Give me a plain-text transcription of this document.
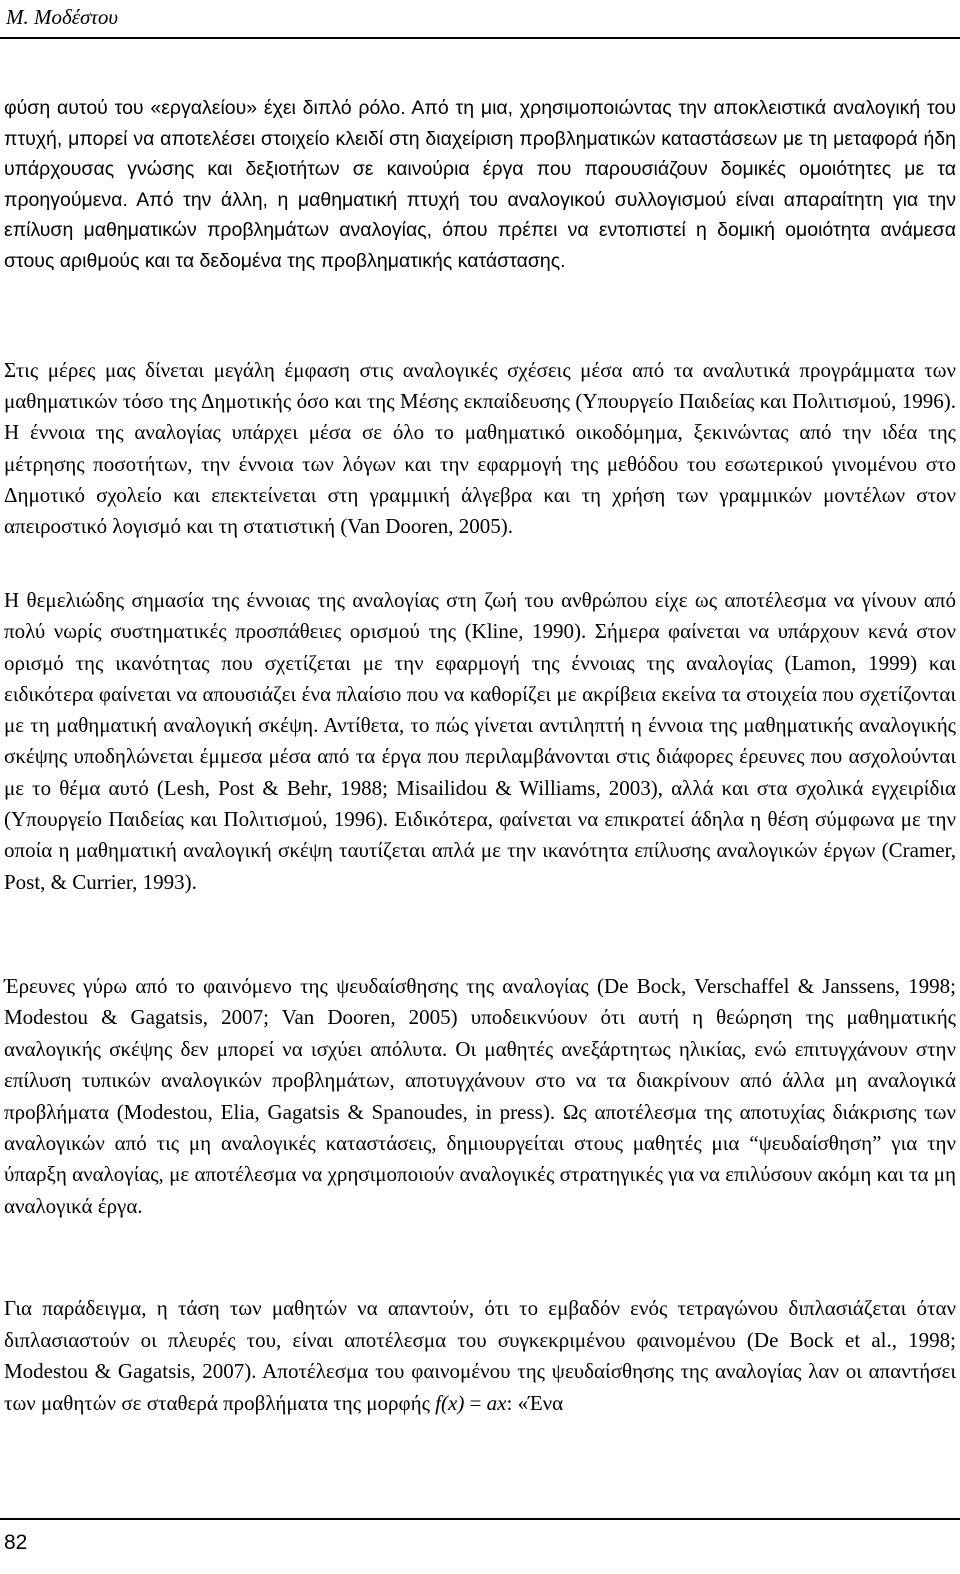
Μ. Μοδέστου

φύση αυτού του «εργαλείου» έχει διπλό ρόλο. Από τη μια, χρησιμοποιώντας την αποκλειστικά αναλογική του πτυχή, μπορεί να αποτελέσει στοιχείο κλειδί στη διαχείριση προβληματικών καταστάσεων με τη μεταφορά ήδη υπάρχουσας γνώσης και δεξιοτήτων σε καινούρια έργα που παρουσιάζουν δομικές ομοιότητες με τα προηγούμενα. Από την άλλη, η μαθηματική πτυχή του αναλογικού συλλογισμού είναι απαραίτητη για την επίλυση μαθηματικών προβλημάτων αναλογίας, όπου πρέπει να εντοπιστεί η δομική ομοιότητα ανάμεσα στους αριθμούς και τα δεδομένα της προβληματικής κατάστασης.

Στις μέρες μας δίνεται μεγάλη έμφαση στις αναλογικές σχέσεις μέσα από τα αναλυτικά προγράμματα των μαθηματικών τόσο της Δημοτικής όσο και της Μέσης εκπαίδευσης (Υπουργείο Παιδείας και Πολιτισμού, 1996). Η έννοια της αναλογίας υπάρχει μέσα σε όλο το μαθηματικό οικοδόμημα, ξεκινώντας από την ιδέα της μέτρησης ποσοτήτων, την έννοια των λόγων και την εφαρμογή της μεθόδου του εσωτερικού γινομένου στο Δημοτικό σχολείο και επεκτείνεται στη γραμμική άλγεβρα και τη χρήση των γραμμικών μοντέλων στον απειροστικό λογισμό και τη στατιστική (Van Dooren, 2005).

Η θεμελιώδης σημασία της έννοιας της αναλογίας στη ζωή του ανθρώπου είχε ως αποτέλεσμα να γίνουν από πολύ νωρίς συστηματικές προσπάθειες ορισμού της (Kline, 1990). Σήμερα φαίνεται να υπάρχουν κενά στον ορισμό της ικανότητας που σχετίζεται με την εφαρμογή της έννοιας της αναλογίας (Lamon, 1999) και ειδικότερα φαίνεται να απουσιάζει ένα πλαίσιο που να καθορίζει με ακρίβεια εκείνα τα στοιχεία που σχετίζονται με τη μαθηματική αναλογική σκέψη. Αντίθετα, το πώς γίνεται αντιληπτή η έννοια της μαθηματικής αναλογικής σκέψης υποδηλώνεται έμμεσα μέσα από τα έργα που περιλαμβάνονται στις διάφορες έρευνες που ασχολούνται με το θέμα αυτό (Lesh, Post & Behr, 1988; Misailidou & Williams, 2003), αλλά και στα σχολικά εγχειρίδια (Υπουργείο Παιδείας και Πολιτισμού, 1996). Ειδικότερα, φαίνεται να επικρατεί άδηλα η θέση σύμφωνα με την οποία η μαθηματική αναλογική σκέψη ταυτίζεται απλά με την ικανότητα επίλυσης αναλογικών έργων (Cramer, Post, & Currier, 1993).

Έρευνες γύρω από το φαινόμενο της ψευδαίσθησης της αναλογίας (De Bock, Verschaffel & Janssens, 1998; Modestou & Gagatsis, 2007; Van Dooren, 2005) υποδεικνύουν ότι αυτή η θεώρηση της μαθηματικής αναλογικής σκέψης δεν μπορεί να ισχύει απόλυτα. Οι μαθητές ανεξάρτητως ηλικίας, ενώ επιτυγχάνουν στην επίλυση τυπικών αναλογικών προβλημάτων, αποτυγχάνουν στο να τα διακρίνουν από άλλα μη αναλογικά προβλήματα (Modestou, Elia, Gagatsis & Spanoudes, in press). Ως αποτέλεσμα της αποτυχίας διάκρισης των αναλογικών από τις μη αναλογικές καταστάσεις, δημιουργείται στους μαθητές μια “ψευδαίσθηση” για την ύπαρξη αναλογίας, με αποτέλεσμα να χρησιμοποιούν αναλογικές στρατηγικές για να επιλύσουν ακόμη και τα μη αναλογικά έργα.

Για παράδειγμα, η τάση των μαθητών να απαντούν, ότι το εμβαδόν ενός τετραγώνου διπλασιάζεται όταν διπλασιαστούν οι πλευρές του, είναι αποτέλεσμα του συγκεκριμένου φαινομένου (De Bock et al., 1998; Modestou & Gagatsis, 2007). Αποτέλεσμα του φαινομένου της ψευδαίσθησης της αναλογίας λαν οι απαντήσει των μαθητών σε σταθερά προβλήματα της μορφής f(x) = ax: «Ένα

82
